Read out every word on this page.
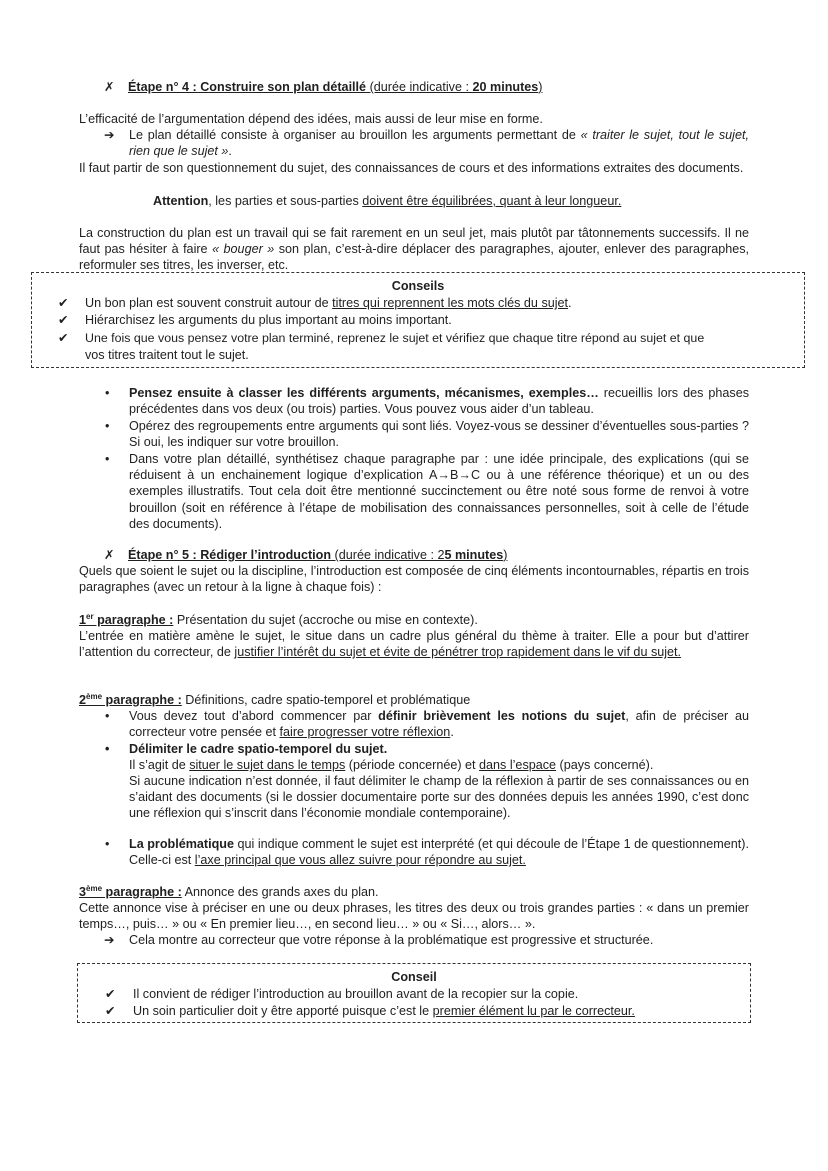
✗ Étape n° 4 : Construire son plan détaillé (durée indicative : 20 minutes)
L’efficacité de l’argumentation dépend des idées, mais aussi de leur mise en forme.
➔ Le plan détaillé consiste à organiser au brouillon les arguments permettant de « traiter le sujet, tout le sujet, rien que le sujet ».
Il faut partir de son questionnement du sujet, des connaissances de cours et des informations extraites des documents.
Attention, les parties et sous-parties doivent être équilibrées, quant à leur longueur.
La construction du plan est un travail qui se fait rarement en un seul jet, mais plutôt par tâtonnements successifs. Il ne faut pas hésiter à faire « bouger » son plan, c’est-à-dire déplacer des paragraphes, ajouter, enlever des paragraphes, reformuler ses titres, les inverser, etc.
Conseils
✔ Un bon plan est souvent construit autour de titres qui reprennent les mots clés du sujet.
✔ Hiérarchisez les arguments du plus important au moins important.
✔ Une fois que vous pensez votre plan terminé, reprenez le sujet et vérifiez que chaque titre répond au sujet et que
vos titres traitent tout le sujet.
• Pensez ensuite à classer les différents arguments, mécanismes, exemples… recueillis lors des phases précédentes dans vos deux (ou trois) parties. Vous pouvez vous aider d’un tableau.
• Opérez des regroupements entre arguments qui sont liés. Voyez-vous se dessiner d’éventuelles sous-parties ? Si oui, les indiquer sur votre brouillon.
• Dans votre plan détaillé, synthétisez chaque paragraphe par : une idée principale, des explications (qui se réduisent à un enchainement logique d’explication A→B→C ou à une référence théorique) et un ou des exemples illustratifs. Tout cela doit être mentionné succinctement ou être noté sous forme de renvoi à votre brouillon (soit en référence à l’étape de mobilisation des connaissances personnelles, soit à celle de l’étude des documents).
✗ Étape n° 5 : Rédiger l’introduction (durée indicative : 25 minutes)
Quels que soient le sujet ou la discipline, l’introduction est composée de cinq éléments incontournables, répartis en trois paragraphes (avec un retour à la ligne à chaque fois) :
1er paragraphe : Présentation du sujet (accroche ou mise en contexte).
L’entrée en matière amène le sujet, le situe dans un cadre plus général du thème à traiter. Elle a pour but d’attirer l’attention du correcteur, de justifier l’intérêt du sujet et évite de pénétrer trop rapidement dans le vif du sujet.
2ème paragraphe : Définitions, cadre spatio-temporel et problématique
• Vous devez tout d’abord commencer par définir brièvement les notions du sujet, afin de préciser au correcteur votre pensée et faire progresser votre réflexion.
• Délimiter le cadre spatio-temporel du sujet.
Il s’agit de situer le sujet dans le temps (période concernée) et dans l’espace (pays concerné).
Si aucune indication n’est donnée, il faut délimiter le champ de la réflexion à partir de ses connaissances ou en s’aidant des documents (si le dossier documentaire porte sur des données depuis les années 1990, c’est donc une réflexion qui s’inscrit dans l’économie mondiale contemporaine).
• La problématique qui indique comment le sujet est interprété (et qui découle de l’Étape 1 de questionnement). Celle-ci est l’axe principal que vous allez suivre pour répondre au sujet.
3ème paragraphe : Annonce des grands axes du plan.
Cette annonce vise à préciser en une ou deux phrases, les titres des deux ou trois grandes parties : « dans un premier temps…, puis… » ou « En premier lieu…, en second lieu… » ou « Si…, alors… ».
➔ Cela montre au correcteur que votre réponse à la problématique est progressive et structurée.
Conseil
✔ Il convient de rédiger l’introduction au brouillon avant de la recopier sur la copie.
✔ Un soin particulier doit y être apporté puisque c’est le premier élément lu par le correcteur.
